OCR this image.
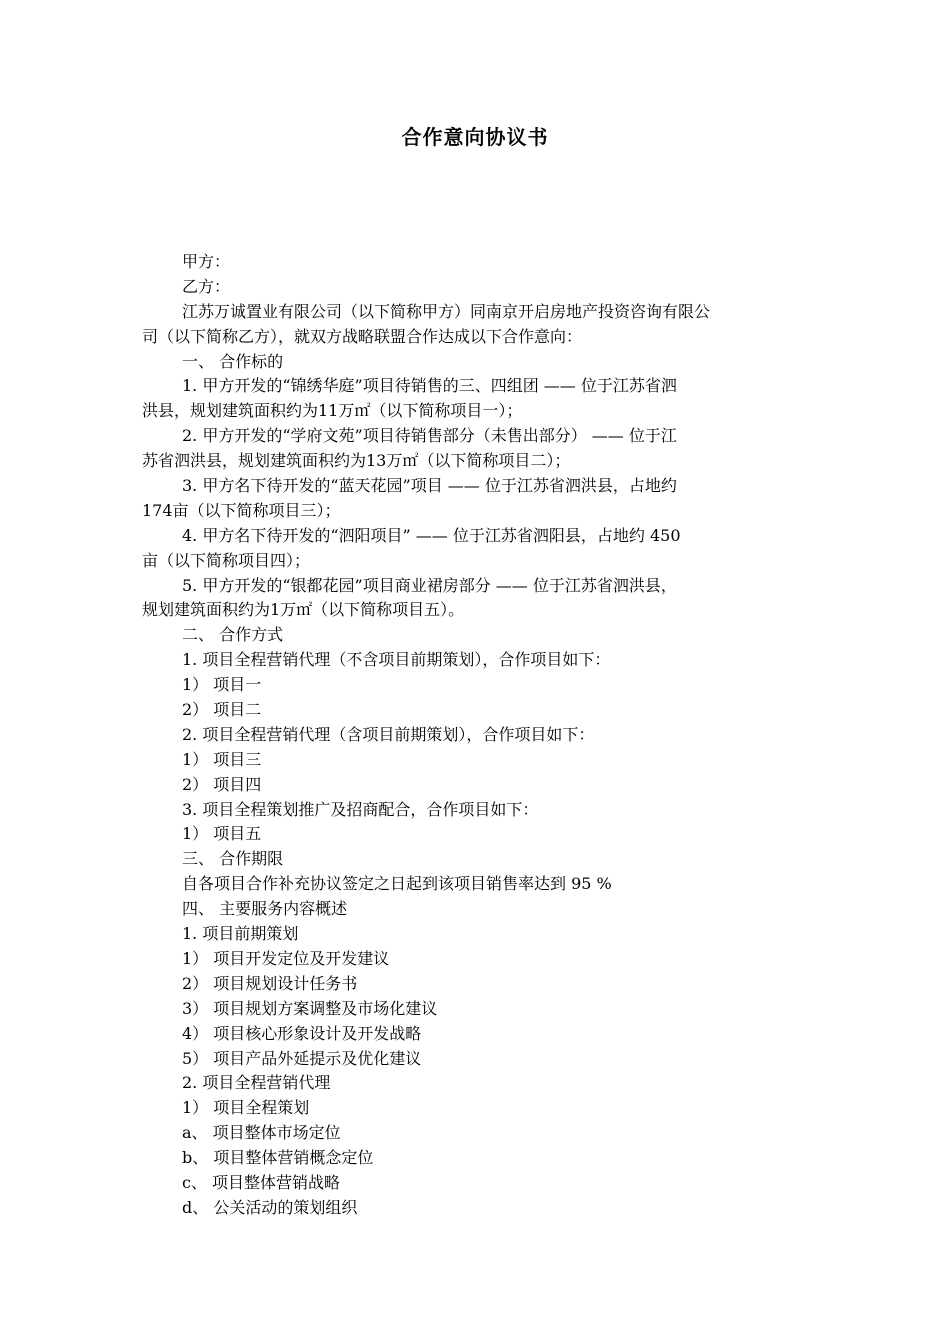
合作意向协议书
甲方：
乙方：
江苏万诚置业有限公司（以下简称甲方）同南京开启房地产投资咨询有限公
司（以下简称乙方），就双方战略联盟合作达成以下合作意向：
一、 合作标的
1. 甲方开发的“锦绣华庭”项目待销售的三、四组团 —— 位于江苏省泗
洪县，规划建筑面积约为11万㎡（以下简称项目一）；
2. 甲方开发的“学府文苑”项目待销售部分（未售出部分） —— 位于江
苏省泗洪县，规划建筑面积约为13万㎡（以下简称项目二）；
3. 甲方名下待开发的“蓝天花园”项目 —— 位于江苏省泗洪县，占地约
174亩（以下简称项目三）；
4. 甲方名下待开发的“泗阳项目” —— 位于江苏省泗阳县，占地约 450
亩（以下简称项目四）；
5. 甲方开发的“银都花园”项目商业裙房部分 —— 位于江苏省泗洪县，
规划建筑面积约为1万㎡（以下简称项目五）。
二、 合作方式
1. 项目全程营销代理（不含项目前期策划），合作项目如下：
1） 项目一
2） 项目二
2. 项目全程营销代理（含项目前期策划），合作项目如下：
1） 项目三
2） 项目四
3. 项目全程策划推广及招商配合，合作项目如下：
1） 项目五
三、 合作期限
自各项目合作补充协议签定之日起到该项目销售率达到 95 %
四、 主要服务内容概述
1. 项目前期策划
1） 项目开发定位及开发建议
2） 项目规划设计任务书
3） 项目规划方案调整及市场化建议
4） 项目核心形象设计及开发战略
5） 项目产品外延提示及优化建议
2. 项目全程营销代理
1） 项目全程策划
a、 项目整体市场定位
b、 项目整体营销概念定位
c、 项目整体营销战略
d、 公关活动的策划组织
